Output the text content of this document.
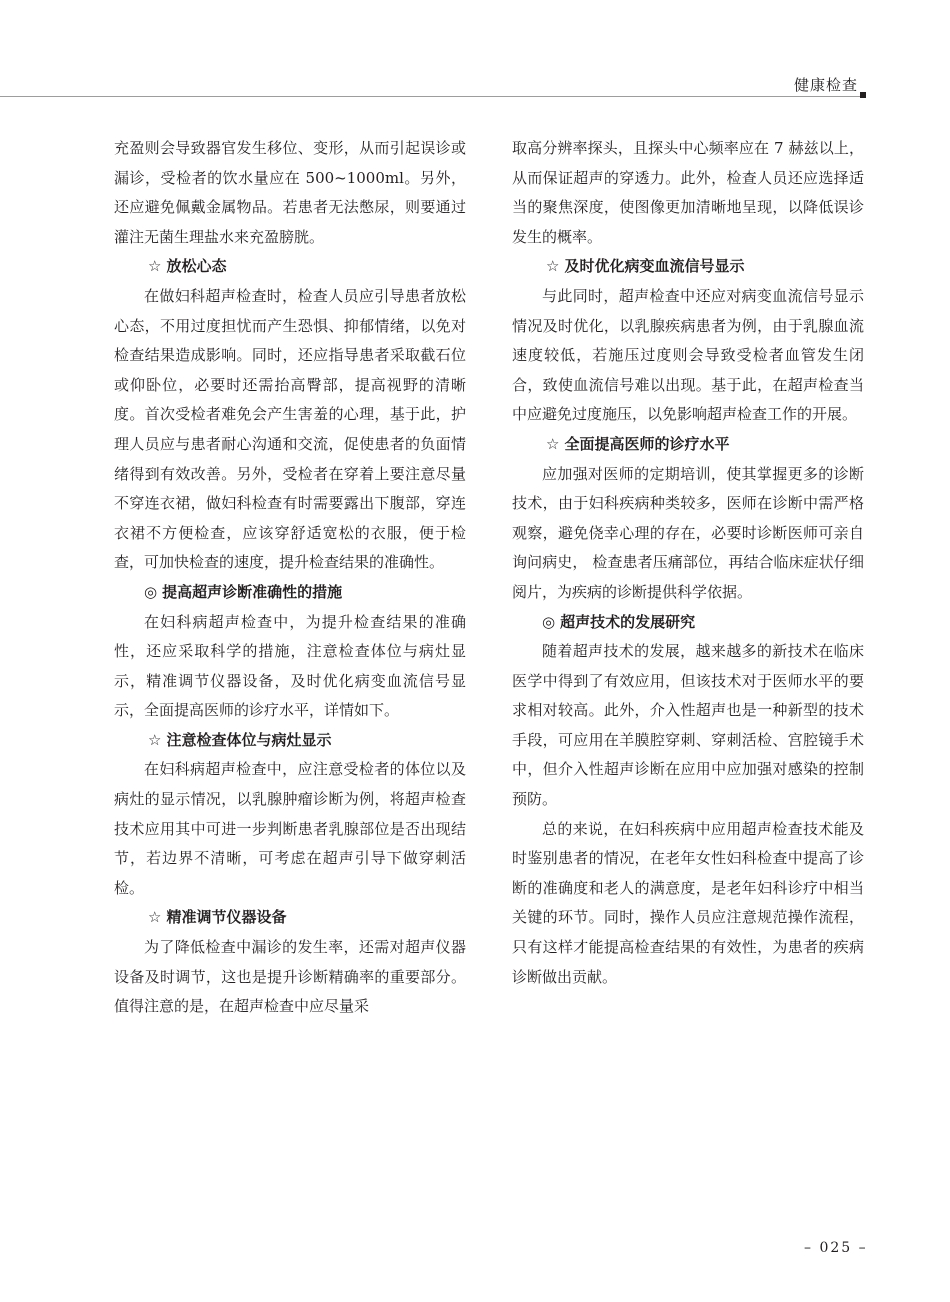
健康检查

充盈则会导致器官发生移位、变形，从而引起误诊或漏诊，受检者的饮水量应在 500~1000ml。另外，还应避免佩戴金属物品。若患者无法憋尿，则要通过灌注无菌生理盐水来充盈膀胱。

☆ 放松心态

在做妇科超声检查时，检查人员应引导患者放松心态，不用过度担忧而产生恐惧、抑郁情绪，以免对检查结果造成影响。同时，还应指导患者采取截石位或仰卧位，必要时还需抬高臀部，提高视野的清晰度。首次受检者难免会产生害羞的心理，基于此，护理人员应与患者耐心沟通和交流，促使患者的负面情绪得到有效改善。另外，受检者在穿着上要注意尽量不穿连衣裙，做妇科检查有时需要露出下腹部，穿连衣裙不方便检查，应该穿舒适宽松的衣服，便于检查，可加快检查的速度，提升检查结果的准确性。

◎ 提高超声诊断准确性的措施

在妇科病超声检查中，为提升检查结果的准确性，还应采取科学的措施，注意检查体位与病灶显示，精准调节仪器设备，及时优化病变血流信号显示，全面提高医师的诊疗水平，详情如下。

☆ 注意检查体位与病灶显示

在妇科病超声检查中，应注意受检者的体位以及病灶的显示情况，以乳腺肿瘤诊断为例，将超声检查技术应用其中可进一步判断患者乳腺部位是否出现结节，若边界不清晰，可考虑在超声引导下做穿刺活检。

☆ 精准调节仪器设备

为了降低检查中漏诊的发生率，还需对超声仪器设备及时调节，这也是提升诊断精确率的重要部分。值得注意的是，在超声检查中应尽量采

取高分辨率探头，且探头中心频率应在 7 赫兹以上，从而保证超声的穿透力。此外，检查人员还应选择适当的聚焦深度，使图像更加清晰地呈现，以降低误诊发生的概率。

☆ 及时优化病变血流信号显示

与此同时，超声检查中还应对病变血流信号显示情况及时优化，以乳腺疾病患者为例，由于乳腺血流速度较低，若施压过度则会导致受检者血管发生闭合，致使血流信号难以出现。基于此，在超声检查当中应避免过度施压，以免影响超声检查工作的开展。

☆ 全面提高医师的诊疗水平

应加强对医师的定期培训，使其掌握更多的诊断技术，由于妇科疾病种类较多，医师在诊断中需严格观察，避免侥幸心理的存在，必要时诊断医师可亲自询问病史， 检查患者压痛部位，再结合临床症状仔细阅片，为疾病的诊断提供科学依据。

◎ 超声技术的发展研究

随着超声技术的发展，越来越多的新技术在临床医学中得到了有效应用，但该技术对于医师水平的要求相对较高。此外，介入性超声也是一种新型的技术手段，可应用在羊膜腔穿刺、穿刺活检、宫腔镜手术中，但介入性超声诊断在应用中应加强对感染的控制预防。

总的来说，在妇科疾病中应用超声检查技术能及时鉴别患者的情况，在老年女性妇科检查中提高了诊断的准确度和老人的满意度，是老年妇科诊疗中相当关键的环节。同时，操作人员应注意规范操作流程，只有这样才能提高检查结果的有效性，为患者的疾病诊断做出贡献。

– 025 –
